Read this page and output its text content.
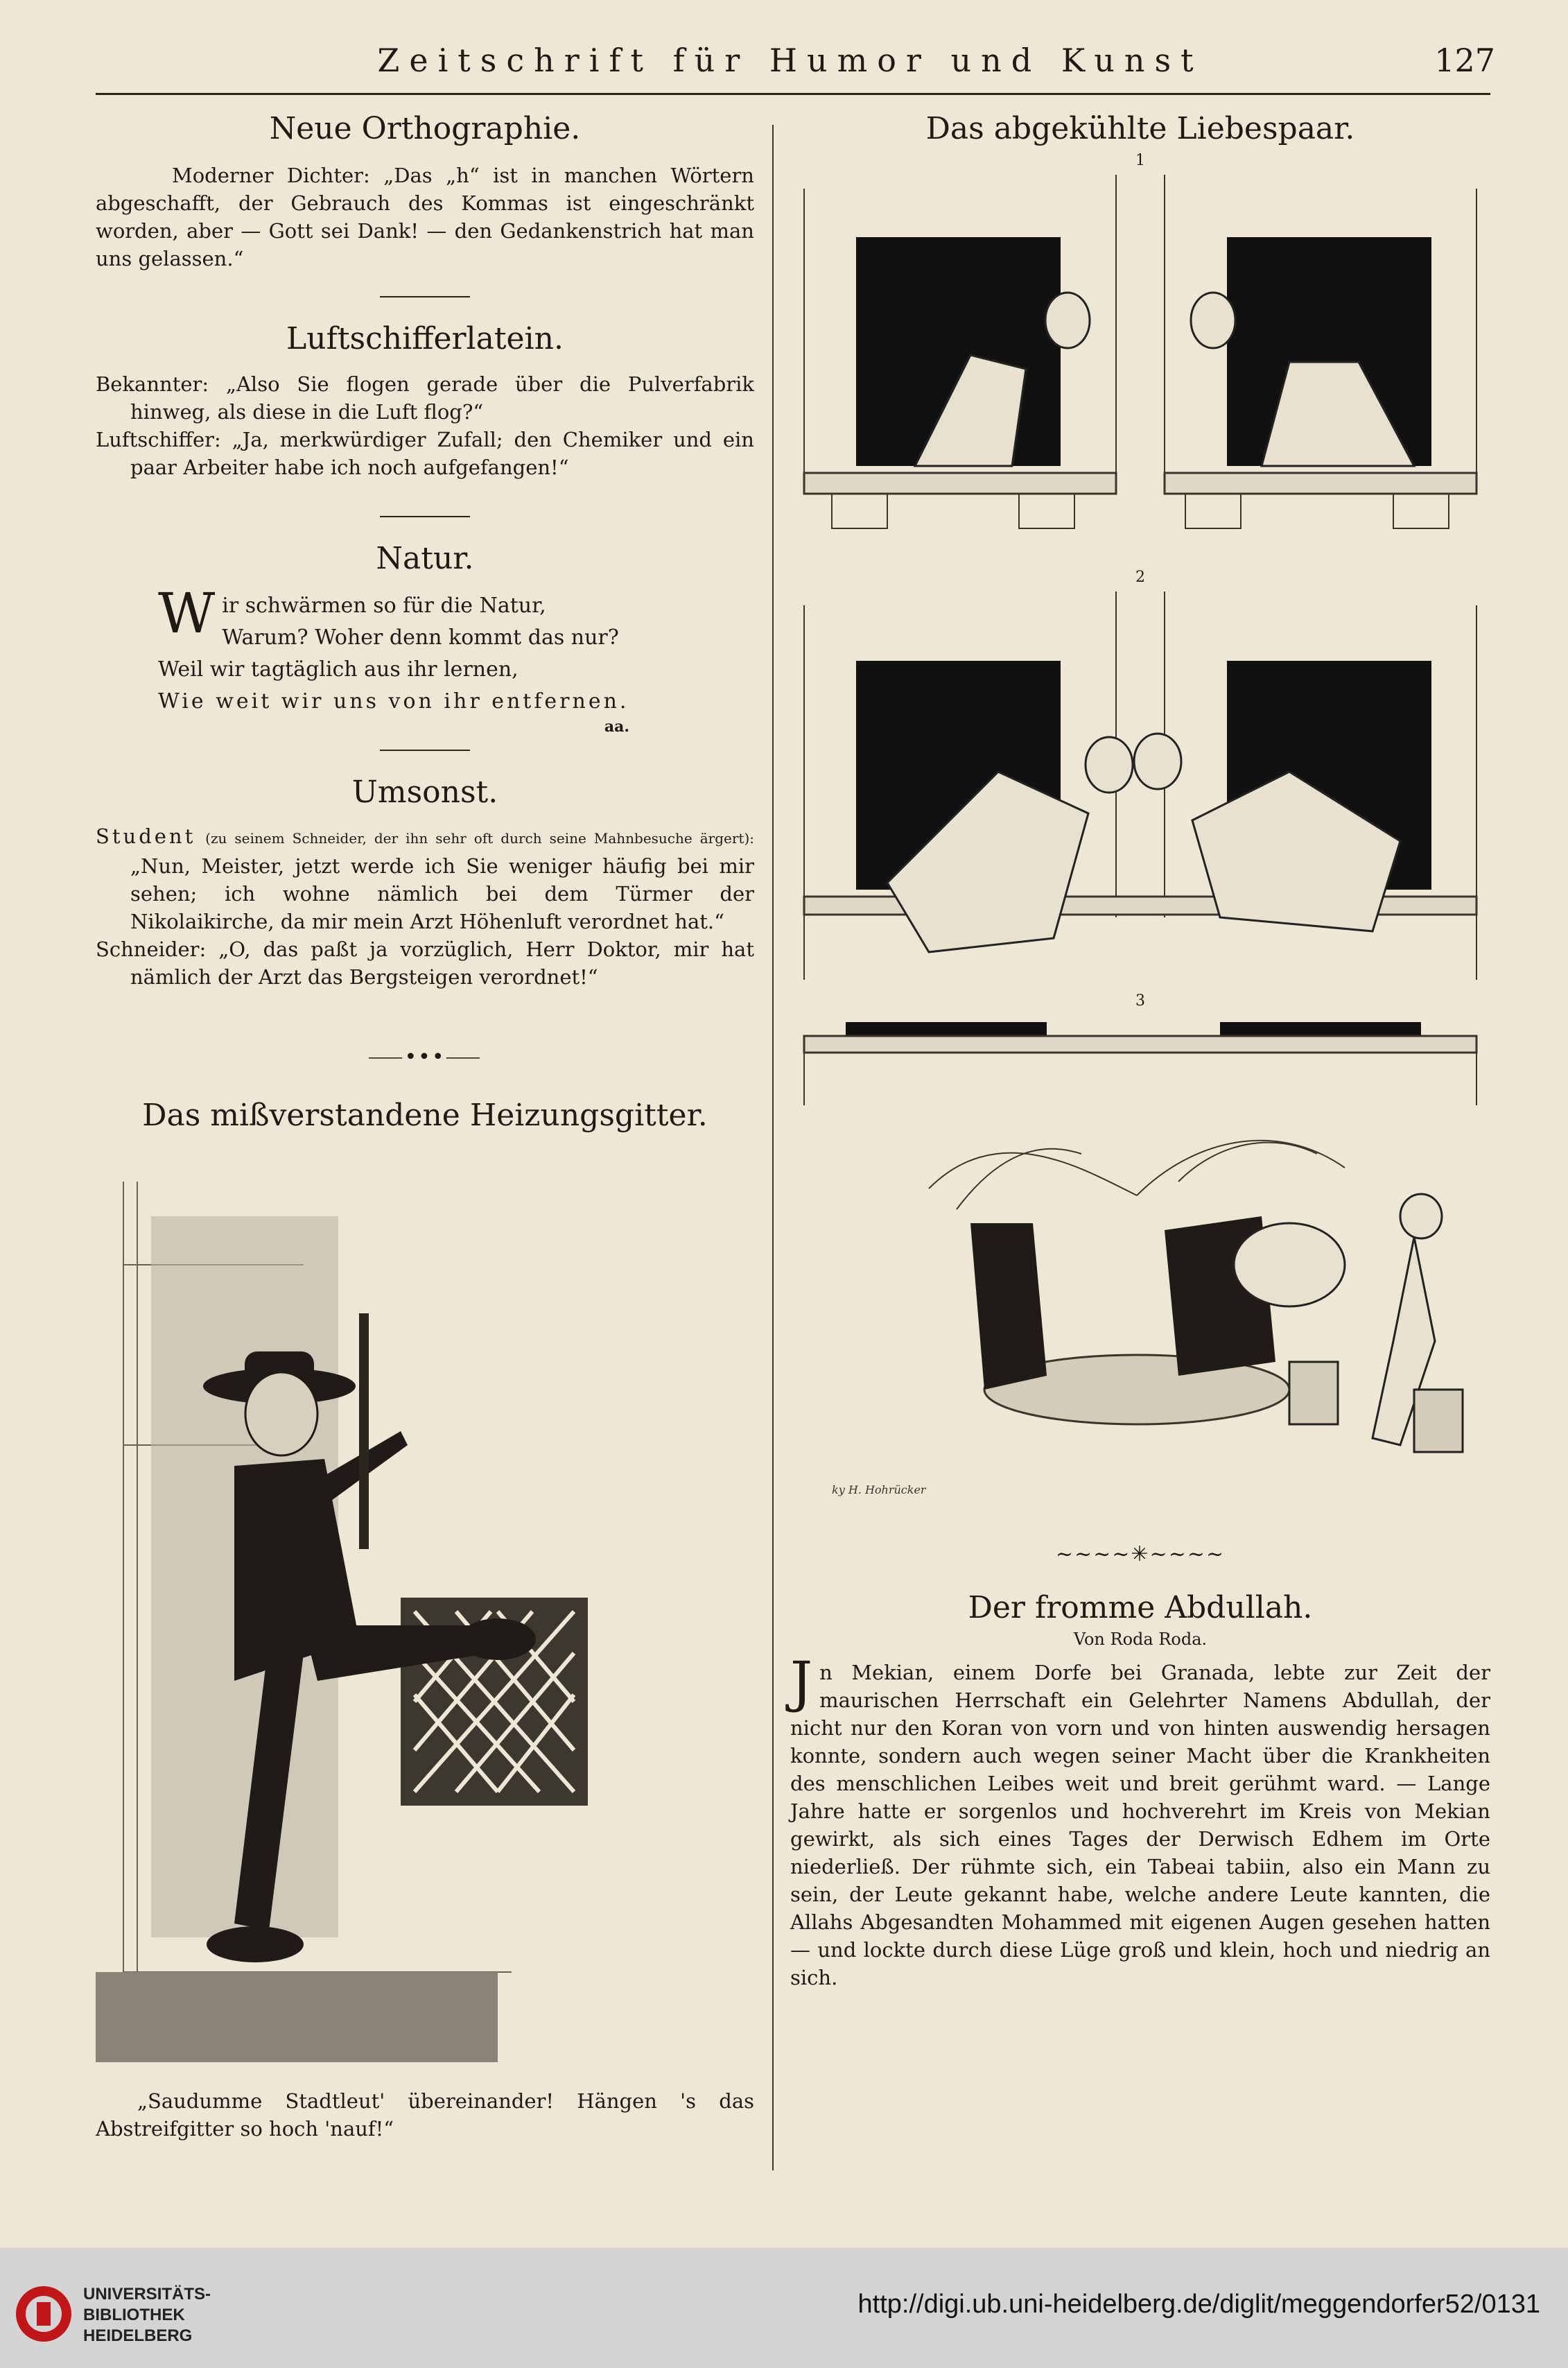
Zeitschrift für Humor und Kunst	127
Neue Orthographie.

Moderner Dichter: „Das „h“ ist in manchen Wörtern abgeschafft, der Gebrauch des Kommas ist eingeschränkt worden, aber — Gott sei Dank! — den Gedankenstrich hat man uns gelassen.“

Luftschifferlatein.

Bekannter: „Also Sie flogen gerade über die Pulverfabrik hinweg, als diese in die Luft flog?“

Luftschiffer: „Ja, merkwürdiger Zufall; den Chemiker und ein paar Arbeiter habe ich noch aufgefangen!“

Natur.
W ir schwärmen so für die Natur,
Warum? Woher denn kommt das nur?
Weil wir tagtäglich aus ihr lernen,
Wie weit wir uns von ihr entfernen.
aa.
Umsonst.
Student (zu seinem Schneider, der ihn sehr oft durch seine Mahnbesuche ärgert): „Nun, Meister, jetzt werde ich Sie weniger häufig bei mir sehen; ich wohne nämlich bei dem Türmer der Nikolaikirche, da mir mein Arzt Höhenluft verordnet hat.“
Schneider: „O, das paßt ja vorzüglich, Herr Doktor, mir hat nämlich der Arzt das Bergsteigen verordnet!“
⸺•••⸺
Das mißverstandene Heizungsgitter.

„Saudumme Stadtleut' übereinander! Hängen 's das Abstreifgitter so hoch 'nauf!“

Das abgekühlte Liebespaar.
1
2
3
ky H. Hohrücker
~~~~✳~~~~
Der fromme Abdullah.
Von Roda Roda.
J n Mekian, einem Dorfe bei Granada, lebte zur Zeit der maurischen Herrschaft ein Gelehrter Namens Abdullah, der nicht nur den Koran von vorn und von hinten auswendig hersagen konnte, sondern auch wegen seiner Macht über die Krankheiten des menschlichen Leibes weit und breit gerühmt ward. — Lange Jahre hatte er sorgenlos und hochverehrt im Kreis von Mekian gewirkt, als sich eines Tages der Derwisch Edhem im Orte niederließ. Der rühmte sich, ein Tabeai tabiin, also ein Mann zu sein, der Leute gekannt habe, welche andere Leute kannten, die Allahs Abgesandten Mohammed mit eigenen Augen gesehen hatten — und lockte durch diese Lüge groß und klein, hoch und niedrig an sich.
UNIVERSITÄTS-
BIBLIOTHEK
HEIDELBERG
http://digi.ub.uni-heidelberg.de/diglit/meggendorfer52/0131
